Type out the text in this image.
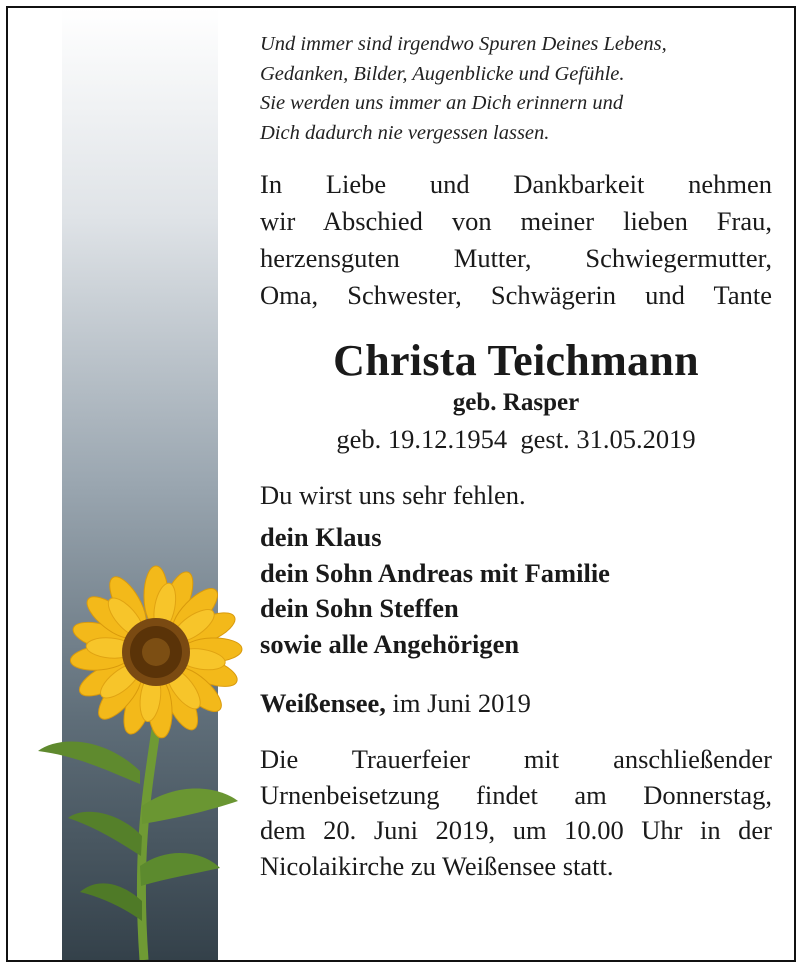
Und immer sind irgendwo Spuren Deines Lebens,
Gedanken, Bilder, Augenblicke und Gefühle.
Sie werden uns immer an Dich erinnern und
Dich dadurch nie vergessen lassen.

In Liebe und Dankbarkeit nehmen
wir Abschied von meiner lieben Frau,
herzensguten Mutter, Schwiegermutter,
Oma, Schwester, Schwägerin und Tante
Christa Teichmann
geb. Rasper
geb. 19.12.1954  gest. 31.05.2019
Du wirst uns sehr fehlen.
dein Klaus
dein Sohn Andreas mit Familie
dein Sohn Steffen
sowie alle Angehörigen
Weißensee, im Juni 2019
Die Trauerfeier mit anschließender
Urnenbeisetzung findet am Donnerstag,
dem 20. Juni 2019, um 10.00 Uhr in der
Nicolaikirche zu Weißensee statt.
